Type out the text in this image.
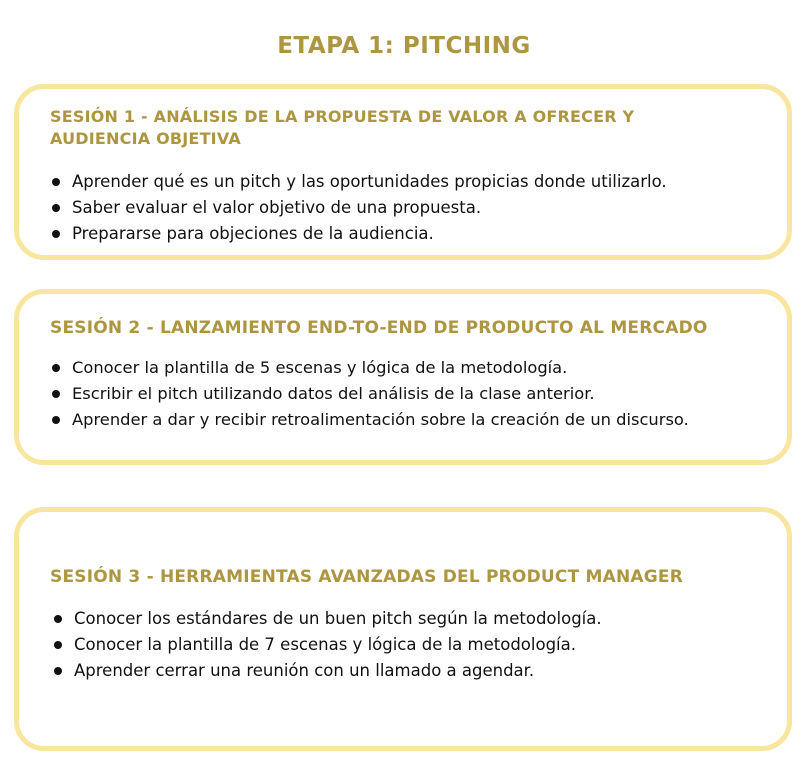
ETAPA 1: PITCHING
SESIÓN 1 - ANÁLISIS DE LA PROPUESTA DE VALOR A OFRECER Y AUDIENCIA OBJETIVA
Aprender qué es un pitch y las oportunidades propicias donde utilizarlo.
Saber evaluar el valor objetivo de una propuesta.
Prepararse para objeciones de la audiencia.
SESIÓN 2 - LANZAMIENTO END-TO-END DE PRODUCTO AL MERCADO
Conocer la plantilla de 5 escenas y lógica de la metodología.
Escribir el pitch utilizando datos del análisis de la clase anterior.
Aprender a dar y recibir retroalimentación sobre la creación de un discurso.
SESIÓN 3 - HERRAMIENTAS AVANZADAS DEL PRODUCT MANAGER
Conocer los estándares de un buen pitch según la metodología.
Conocer la plantilla de 7 escenas y lógica de la metodología.
Aprender cerrar una reunión con un llamado a agendar.
